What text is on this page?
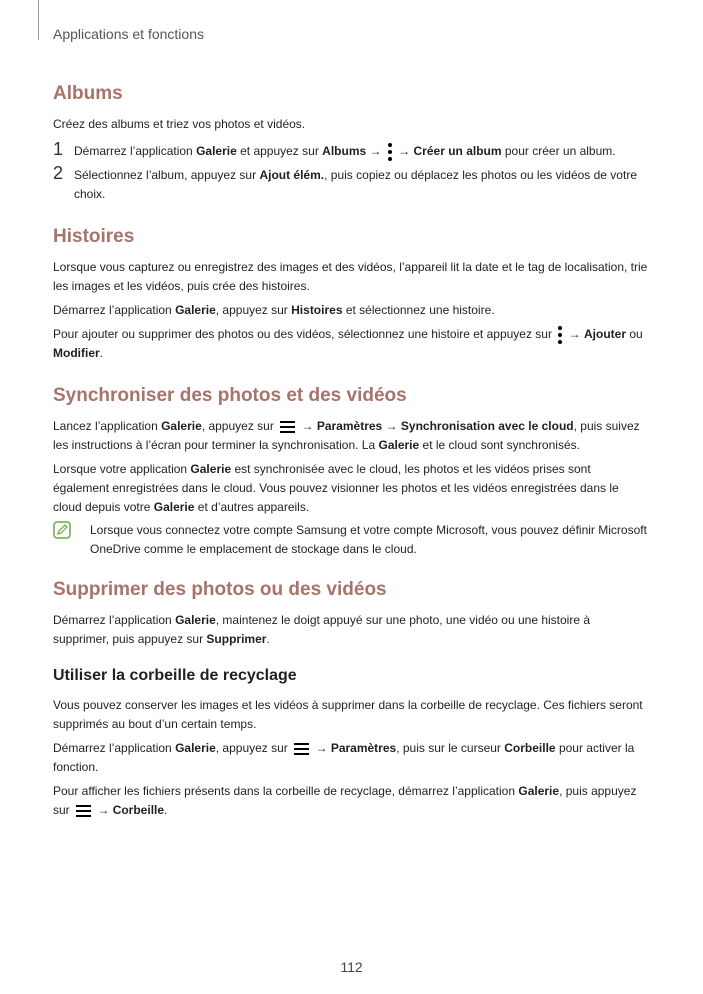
Applications et fonctions
Albums

Créez des albums et triez vos photos et vidéos.

1 Démarrez l’application Galerie et appuyez sur Albums →
→ Créer un album pour créer un album.

2 Sélectionnez l’album, appuyez sur Ajout élém., puis copiez ou déplacez les photos ou les vidéos de votre choix.

Histoires

Lorsque vous capturez ou enregistrez des images et des vidéos, l’appareil lit la date et le tag de localisation, trie les images et les vidéos, puis crée des histoires.

Démarrez l’application Galerie, appuyez sur Histoires et sélectionnez une histoire.

Pour ajouter ou supprimer des photos ou des vidéos, sélectionnez une histoire et appuyez sur
→ Ajouter ou Modifier.

Synchroniser des photos et des vidéos

Lancez l’application Galerie, appuyez sur
→ Paramètres → Synchronisation avec le cloud, puis suivez les instructions à l’écran pour terminer la synchronisation. La Galerie et le cloud sont synchronisés.

Lorsque votre application Galerie est synchronisée avec le cloud, les photos et les vidéos prises sont également enregistrées dans le cloud. Vous pouvez visionner les photos et les vidéos enregistrées dans le cloud depuis votre Galerie et d’autres appareils.

Lorsque vous connectez votre compte Samsung et votre compte Microsoft, vous pouvez définir Microsoft OneDrive comme le emplacement de stockage dans le cloud.

Supprimer des photos ou des vidéos

Démarrez l’application Galerie, maintenez le doigt appuyé sur une photo, une vidéo ou une histoire à supprimer, puis appuyez sur Supprimer.

Utiliser la corbeille de recyclage

Vous pouvez conserver les images et les vidéos à supprimer dans la corbeille de recyclage. Ces fichiers seront supprimés au bout d’un certain temps.

Démarrez l’application Galerie, appuyez sur
→ Paramètres, puis sur le curseur Corbeille pour activer la fonction.

Pour afficher les fichiers présents dans la corbeille de recyclage, démarrez l’application Galerie, puis appuyez sur
→ Corbeille.

112
